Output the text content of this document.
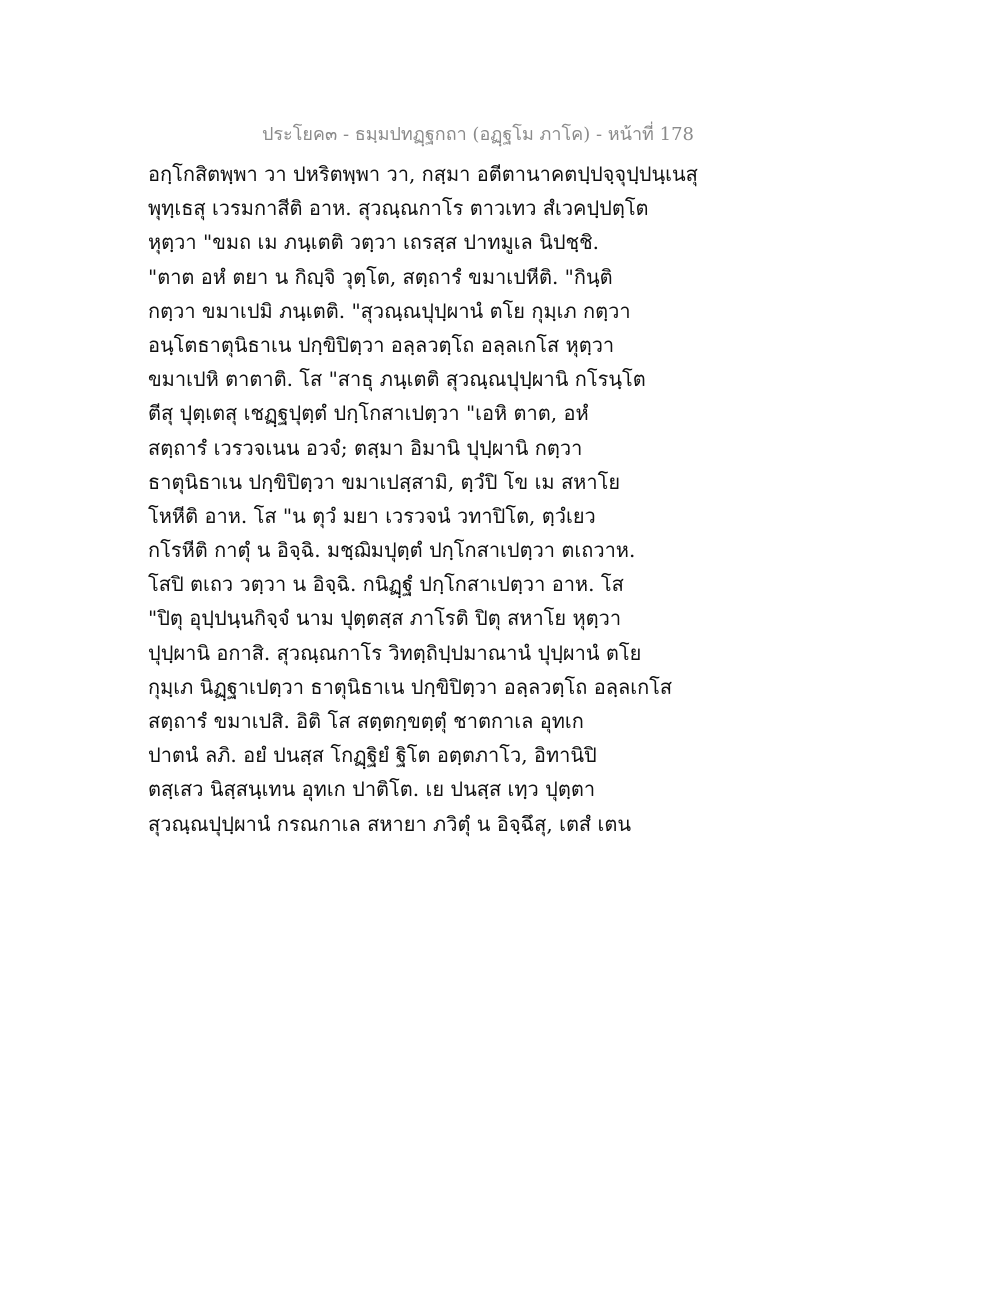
ประโยค๓ - ธมฺมปทฏฺฐกถา (อฏฺฐโม ภาโค) - หน้าที่ 178
อกฺโกสิตพฺพา วา ปหริตพฺพา วา, กสฺมา อตีตานาคตปฺปจฺจุปฺปนฺเนสุ
พุทฺเธสุ เวรมกาสีติ อาห. สุวณฺณกาโร ตาวเทว สํเวคปฺปตฺโต
หุตฺวา "ขมถ เม ภนฺเตติ วตฺวา เถรสฺส ปาทมูเล นิปชฺชิ.
"ตาต อหํ ตยา น กิญฺจิ วุตฺโต, สตฺถารํ ขมาเปหีติ. "กินฺติ
กตฺวา ขมาเปมิ ภนฺเตติ. "สุวณฺณปุปฺผานํ ตโย กุมฺเภ กตฺวา
อนฺโตธาตุนิธาเน ปกฺขิปิตฺวา อลฺลวตฺโถ อลฺลเกโส หุตฺวา
ขมาเปหิ ตาตาติ. โส "สาธุ ภนฺเตติ สุวณฺณปุปฺผานิ กโรนฺโต
ตีสุ ปุตฺเตสุ เชฏฺฐปุตฺตํ ปกฺโกสาเปตฺวา "เอหิ ตาต, อหํ
สตฺถารํ เวรวจเนน อวจํ; ตสฺมา อิมานิ ปุปฺผานิ กตฺวา
ธาตุนิธาเน ปกฺขิปิตฺวา ขมาเปสฺสามิ, ตฺวํปิ โข เม สหาโย
โหหีติ อาห. โส "น ตุวํ มยา เวรวจนํ วทาปิโต, ตฺวํเยว
กโรหีติ กาตุํ น อิจฺฉิ. มชฺฌิมปุตฺตํ ปกฺโกสาเปตฺวา ตเถวาห.
โสปิ ตเถว วตฺวา น อิจฺฉิ. กนิฏฺฐํ ปกฺโกสาเปตฺวา อาห. โส
"ปิตุ อุปฺปนฺนกิจฺจํ นาม ปุตฺตสฺส ภาโรติ ปิตุ สหาโย หุตฺวา
ปุปฺผานิ อกาสิ. สุวณฺณกาโร วิทตฺถิปฺปมาณานํ ปุปฺผานํ ตโย
กุมฺเภ นิฏฺฐาเปตฺวา ธาตุนิธาเน ปกฺขิปิตฺวา อลฺลวตฺโถ อลฺลเกโส
สตฺถารํ ขมาเปสิ. อิติ โส สตฺตกฺขตฺตุํ ชาตกาเล อุทเก
ปาตนํ ลภิ. อยํ ปนสฺส โกฏฺฐิยํ ฐิโต อตฺตภาโว, อิทานิปิ
ตสฺเสว นิสฺสนฺเทน อุทเก ปาติโต. เย ปนสฺส เทฺว ปุตฺตา
สุวณฺณปุปฺผานํ กรณกาเล สหายา ภวิตุํ น อิจฺฉึสุ, เตสํ เตน
